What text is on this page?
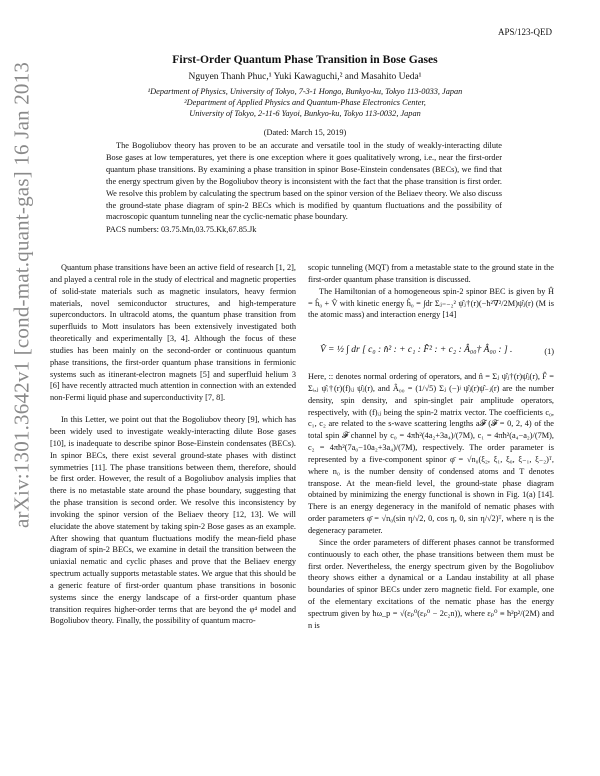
arXiv:1301.3642v1 [cond-mat.quant-gas] 16 Jan 2013
APS/123-QED
First-Order Quantum Phase Transition in Bose Gases
Nguyen Thanh Phuc,¹ Yuki Kawaguchi,² and Masahito Ueda¹
¹Department of Physics, University of Tokyo, 7-3-1 Hongo, Bunkyo-ku, Tokyo 113-0033, Japan
²Department of Applied Physics and Quantum-Phase Electronics Center,
University of Tokyo, 2-11-6 Yayoi, Bunkyo-ku, Tokyo 113-0032, Japan
(Dated: March 15, 2019)
The Bogoliubov theory has proven to be an accurate and versatile tool in the study of weakly-interacting dilute Bose gases at low temperatures, yet there is one exception where it goes qualitatively wrong, i.e., near the first-order quantum phase transitions. By examining a phase transition in spinor Bose-Einstein condensates (BECs), we find that the energy spectrum given by the Bogoliubov theory is inconsistent with the fact that the phase transition is first order. We resolve this problem by calculating the spectrum based on the spinor version of the Beliaev theory. We also discuss the ground-state phase diagram of spin-2 BECs which is modified by quantum fluctuations and the possibility of macroscopic quantum tunneling near the cyclic-nematic phase boundary.
PACS numbers: 03.75.Mn,03.75.Kk,67.85.Jk

Quantum phase transitions have been an active field of research [1, 2], and played a central role in the study of electrical and magnetic properties of solid-state materials such as magnetic insulators, heavy fermion materials, novel semiconductor structures, and high-temperature superconductors. In ultracold atoms, the quantum phase transition from superfluids to Mott insulators has been extensively investigated both theoretically and experimentally [3, 4]. Although the focus of these studies has been mainly on the second-order or continuous quantum phase transitions, the first-order quantum phase transitions in fermionic systems such as itinerant-electron magnets [5] and superfluid helium 3 [6] have recently attracted much attention in connection with an extended non-Fermi liquid phase and superconductivity [7, 8].

In this Letter, we point out that the Bogoliubov theory [9], which has been widely used to investigate weakly-interacting dilute Bose gases [10], is inadequate to describe spinor Bose-Einstein condensates (BECs). In spinor BECs, there exist several ground-state phases with distinct symmetries [11]. The phase transitions between them, therefore, should be first order. However, the result of a Bogoliubov analysis implies that there is no metastable state around the phase boundary, suggesting that the phase transition is second order. We resolve this inconsistency by invoking the spinor version of the Beliaev theory [12, 13]. We will elucidate the above statement by taking spin-2 Bose gases as an example. After showing that quantum fluctuations modify the mean-field phase diagram of spin-2 BECs, we examine in detail the transition between the uniaxial nematic and cyclic phases and prove that the Beliaev energy spectrum actually supports metastable states. We argue that this should be a generic feature of first-order quantum phase transitions in bosonic systems since the energy landscape of a first-order quantum phase transition requires higher-order terms that are beyond the φ⁴ model and Bogoliubov theory. Finally, the possibility of quantum macro-

scopic tunneling (MQT) from a metastable state to the ground state in the first-order quantum phase transition is discussed.

The Hamiltonian of a homogeneous spin-2 spinor BEC is given by Ĥ = ĥ₀ + V̂ with kinetic energy ĥ₀ = ∫dr Σⱼ₌₋₂² ψ̂ⱼ†(r)(−ħ²∇²/2M)ψ̂ⱼ(r) (M is the atomic mass) and interaction energy [14]

V̂ = ½ ∫ dr [ c₀ : n̂² : + c₁ : F̂² : + c₂ : Â₀₀† Â₀₀ : ] .	(1)

Here, :: denotes normal ordering of operators, and n̂ = Σⱼ ψ̂ⱼ†(r)ψ̂ⱼ(r), F̂ = Σᵢ,ⱼ ψ̂ᵢ†(r)(f)ᵢⱼ ψ̂ⱼ(r), and Â₀₀ = (1/√5) Σⱼ (−)ʲ ψ̂ⱼ(r)ψ̂₋ⱼ(r) are the number density, spin density, and spin-singlet pair amplitude operators, respectively, with (f)ᵢⱼ being the spin-2 matrix vector. The coefficients c₀, c₁, c₂ are related to the s-wave scattering lengths a𝓕 (𝓕 = 0, 2, 4) of the total spin 𝓕 channel by c₀ = 4πħ²(4a₂+3a₄)/(7M), c₁ = 4πħ²(a₄−a₂)/(7M), c₂ = 4πħ²(7a₀−10a₂+3a₄)/(7M), respectively. The order parameter is represented by a five-component spinor φ̄ = √n₀(ξ₂, ξ₁, ξ₀, ξ₋₁, ξ₋₂)ᵀ, where n₀ is the number density of condensed atoms and T denotes transpose. At the mean-field level, the ground-state phase diagram obtained by minimizing the energy functional is shown in Fig. 1(a) [14]. There is an energy degeneracy in the manifold of nematic phases with order parameters φ̄ = √n₀(sin η/√2, 0, cos η, 0, sin η/√2)ᵀ, where η is the degeneracy parameter.

Since the order parameters of different phases cannot be transformed continuously to each other, the phase transitions between them must be first order. Nevertheless, the energy spectrum given by the Bogoliubov theory shows either a dynamical or a Landau instability at all phase boundaries of spinor BECs under zero magnetic field. For example, one of the elementary excitations of the nematic phase has the energy spectrum given by ħω_p = √(εₚ⁰(εₚ⁰ − 2c₂n)), where εₚ⁰ ≡ ħ²p²/(2M) and n is
